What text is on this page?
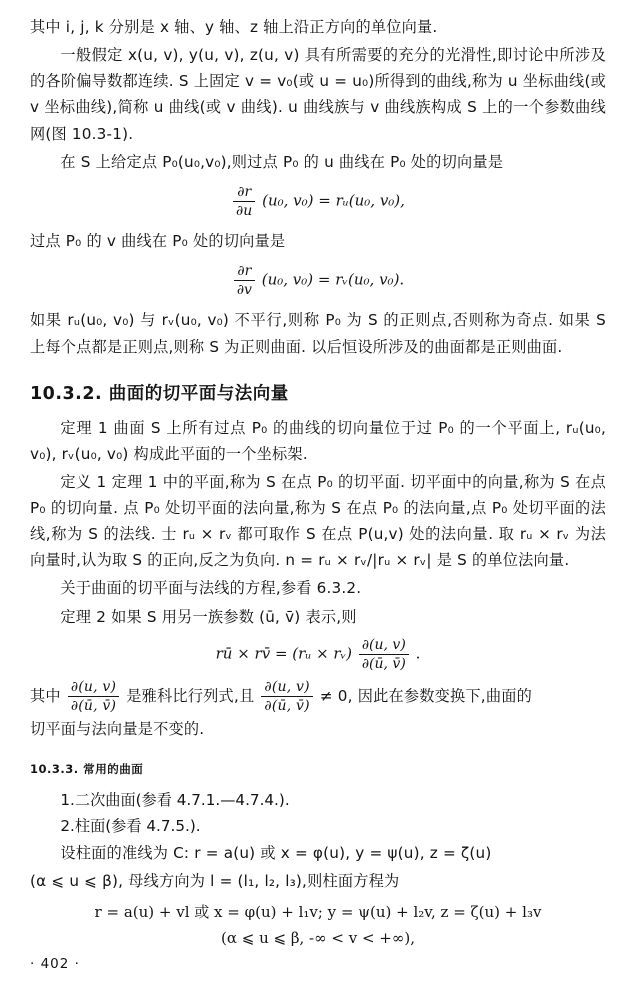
其中 i, j, k 分别是 x 轴、y 轴、z 轴上沿正方向的单位向量.

一般假定 x(u, v), y(u, v), z(u, v) 具有所需要的充分的光滑性,即讨论中所涉及的各阶偏导数都连续. S 上固定 v = v₀(或 u = u₀)所得到的曲线,称为 u 坐标曲线(或 v 坐标曲线),简称 u 曲线(或 v 曲线). u 曲线族与 v 曲线族构成 S 上的一个参数曲线网(图 10.3-1).

在 S 上给定点 P₀(u₀,v₀),则过点 P₀ 的 u 曲线在 P₀ 处的切向量是

$\frac{\partial r}{\partial u} (u_0$, v₀) = rᵤ(u₀, v₀),

过点 P₀ 的 v 曲线在 P₀ 处的切向量是

$\frac{\partial r}{\partial v} (u_0$, v₀) = rᵥ(u₀, v₀).

如果 rᵤ(u₀, v₀) 与 rᵥ(u₀, v₀) 不平行,则称 P₀ 为 S 的正则点,否则称为奇点. 如果 S 上每个点都是正则点,则称 S 为正则曲面. 以后恒设所涉及的曲面都是正则曲面.

10.3.2. 曲面的切平面与法向量

定理 1 曲面 S 上所有过点 P₀ 的曲线的切向量位于过 P₀ 的一个平面上, rᵤ(u₀, v₀), rᵥ(u₀, v₀) 构成此平面的一个坐标架.

定义 1 定理 1 中的平面,称为 S 在点 P₀ 的切平面. 切平面中的向量,称为 S 在点 P₀ 的切向量. 点 P₀ 处切平面的法向量,称为 S 在点 P₀ 的法向量,点 P₀ 处切平面的法线,称为 S 的法线. 士 rᵤ × rᵥ 都可取作 S 在点 P(u,v) 处的法向量. 取 rᵤ × rᵥ 为法向量时,认为取 S 的正向,反之为负向. n = rᵤ × rᵥ/|rᵤ × rᵥ| 是 S 的单位法向量.

关于曲面的切平面与法线的方程,参看 6.3.2.

定理 2 如果 S 用另一族参数 (ū, v̄) 表示,则

rū × rv̄ = (rᵤ × rᵥ) $\frac{\partial(u, v)}{\partial(ū, v̄)}$ .

其中 $\frac{\partial(u, v)}{\partial(ū, v̄)}$ 是雅科比行列式,且 $\frac{\partial(u, v)}{\partial(ū, v̄)} \ne 0$, 因此在参数变换下,曲面的

切平面与法向量是不变的.

10.3.3. 常用的曲面

1.二次曲面(参看 4.7.1.—4.7.4.).

2.柱面(参看 4.7.5.).

设柱面的准线为 C: r = a(u) 或 x = φ(u), y = ψ(u), z = ζ(u)

(α ⩽ u ⩽ β), 母线方向为 l = (l₁, l₂, l₃),则柱面方程为

r = a(u) + vl 或 x = φ(u) + l₁v; y = ψ(u) + l₂v, z = ζ(u) + l₃v
(α ⩽ u ⩽ β, -∞ < v < +∞),
· 402 ·
